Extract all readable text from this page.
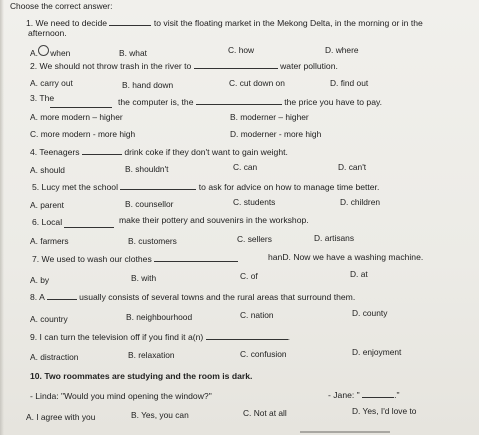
Choose the correct answer:
1. We need to decide	to visit the floating market in the Mekong Delta, in the morning or in the
afternoon.
A. when	B. what	C. how	D. where
2. We should not throw trash in the river to	water pollution.
A. carry out	B. hand down	C. cut down on	D. find out
3. The	the computer is, the	the price you have to pay.
A. more modern – higher	B. moderner – higher
C. more modern - more high	D. moderner - more high
4. Teenagers	drink coke if they don't want to gain weight.
A. should	B. shouldn't	C. can	D. can't
5. Lucy met the school	to ask for advice on how to manage time better.
A. parent	B. counsellor	C. students	D. children
6. Local	make their pottery and souvenirs in the workshop.
A. farmers	B. customers	C. sellers	D. artisans
7. We used to wash our clothes	hanD. Now we have a washing machine.
A. by	B. with	C. of	D. at
8. A	usually consists of several towns and the rural areas that surround them.
A. country	B. neighbourhood	C. nation	D. county
9. I can turn the television off if you find it a(n)	.
A. distraction	B. relaxation	C. confusion	D. enjoyment
10. Two roommates are studying and the room is dark.
- Linda: "Would you mind opening the window?"	- Jane: "	."
A. I agree with you	B. Yes, you can	C. Not at all	D. Yes, I'd love to
